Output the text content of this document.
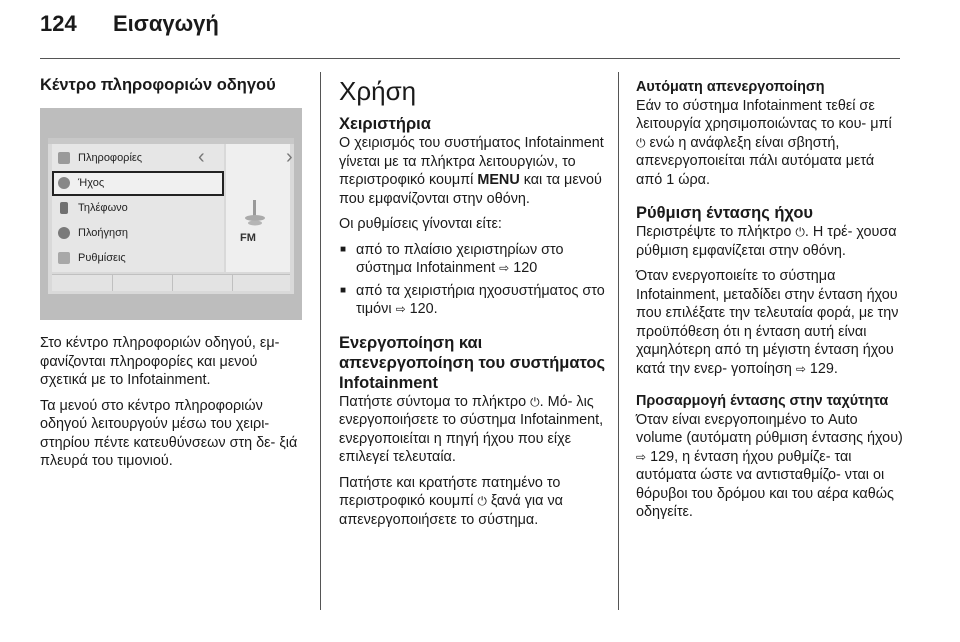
124 Εισαγωγή
Κέντρο πληροφοριών οδηγού
Πληροφορίες
Ήχος
Τηλέφωνο
Πλοήγηση
Ρυθμίσεις
‹	›
FM

Στο κέντρο πληροφοριών οδηγού, εμ- φανίζονται πληροφορίες και μενού σχετικά με το Infotainment.

Τα μενού στο κέντρο πληροφοριών οδηγού λειτουργούν μέσω του χειρι- στηρίου πέντε κατευθύνσεων στη δε- ξιά πλευρά του τιμονιού.

Χρήση
Χειριστήρια

Ο χειρισμός του συστήματος Infotainment γίνεται με τα πλήκτρα λειτουργιών, το περιστροφικό κουμπί MENU και τα μενού που εμφανίζονται στην οθόνη.

Οι ρυθμίσεις γίνονται είτε:

■ από το πλαίσιο χειριστηρίων στο σύστημα Infotainment ⇨ 120
■ από τα χειριστήρια ηχοσυστήματος στο τιμόνι ⇨ 120.
Ενεργοποίηση και απενεργοποίηση του συστήματος Infotainment

Πατήστε σύντομα το πλήκτρο ⏻. Μό- λις ενεργοποιήσετε το σύστημα Infotainment, ενεργοποιείται η πηγή ήχου που είχε επιλεγεί τελευταία.

Πατήστε και κρατήστε πατημένο το περιστροφικό κουμπί ⏻ ξανά για να απενεργοποιήσετε το σύστημα.

Αυτόματη απενεργοποίηση

Εάν το σύστημα Infotainment τεθεί σε λειτουργία χρησιμοποιώντας το κου- μπί ⏻ ενώ η ανάφλεξη είναι σβηστή, απενεργοποιείται πάλι αυτόματα μετά από 1 ώρα.

Ρύθμιση έντασης ήχου

Περιστρέψτε το πλήκτρο ⏻. Η τρέ- χουσα ρύθμιση εμφανίζεται στην οθόνη.

Όταν ενεργοποιείτε το σύστημα Infotainment, μεταδίδει στην ένταση ήχου που επιλέξατε την τελευταία φορά, με την προϋπόθεση ότι η ένταση αυτή είναι χαμηλότερη από τη μέγιστη ένταση ήχου κατά την ενερ- γοποίηση ⇨ 129.

Προσαρμογή έντασης στην ταχύτητα

Όταν είναι ενεργοποιημένο το Auto volume (αυτόματη ρύθμιση έντασης ήχου) ⇨ 129, η ένταση ήχου ρυθμίζε- ται αυτόματα ώστε να αντισταθμίζο- νται οι θόρυβοι του δρόμου και του αέρα καθώς οδηγείτε.
